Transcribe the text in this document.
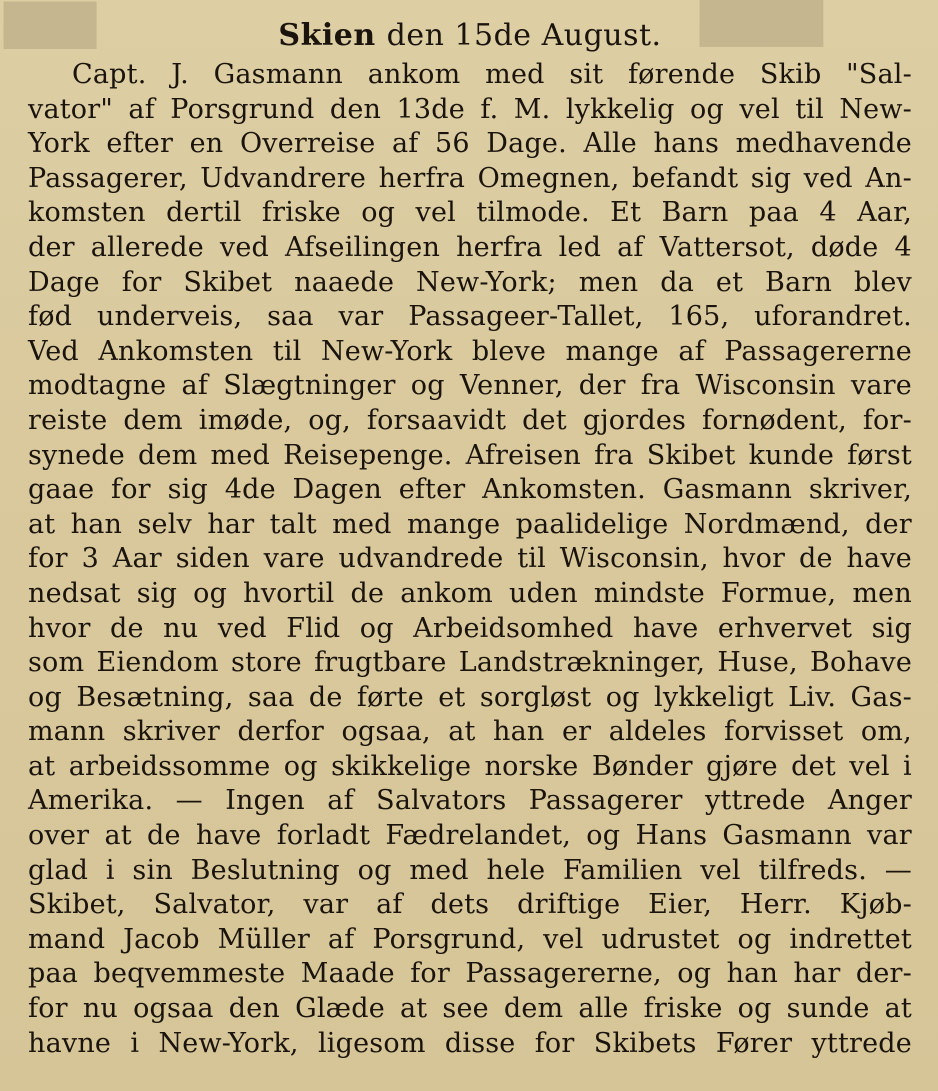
███	████
Skien den 15de August.
Capt. J. Gasmann ankom med sit førende Skib "Sal-
vator" af Porsgrund den 13de f. M. lykkelig og vel til New-
York efter en Overreise af 56 Dage. Alle hans medhavende
Passagerer, Udvandrere herfra Omegnen, befandt sig ved An-
komsten dertil friske og vel tilmode. Et Barn paa 4 Aar,
der allerede ved Afseilingen herfra led af Vattersot, døde 4
Dage for Skibet naaede New-York; men da et Barn blev
fød underveis, saa var Passageer-Tallet, 165, uforandret.
Ved Ankomsten til New-York bleve mange af Passagererne
modtagne af Slægtninger og Venner, der fra Wisconsin vare
reiste dem imøde, og, forsaavidt det gjordes fornødent, for-
synede dem med Reisepenge. Afreisen fra Skibet kunde først
gaae for sig 4de Dagen efter Ankomsten. Gasmann skriver,
at han selv har talt med mange paalidelige Nordmænd, der
for 3 Aar siden vare udvandrede til Wisconsin, hvor de have
nedsat sig og hvortil de ankom uden mindste Formue, men
hvor de nu ved Flid og Arbeidsomhed have erhvervet sig
som Eiendom store frugtbare Landstrækninger, Huse, Bohave
og Besætning, saa de førte et sorgløst og lykkeligt Liv. Gas-
mann skriver derfor ogsaa, at han er aldeles forvisset om,
at arbeidssomme og skikkelige norske Bønder gjøre det vel i
Amerika. — Ingen af Salvators Passagerer yttrede Anger
over at de have forladt Fædrelandet, og Hans Gasmann var
glad i sin Beslutning og med hele Familien vel tilfreds. —
Skibet, Salvator, var af dets driftige Eier, Herr. Kjøb-
mand Jacob Müller af Porsgrund, vel udrustet og indrettet
paa beqvemmeste Maade for Passagererne, og han har der-
for nu ogsaa den Glæde at see dem alle friske og sunde at
havne i New-York, ligesom disse for Skibets Fører yttrede
